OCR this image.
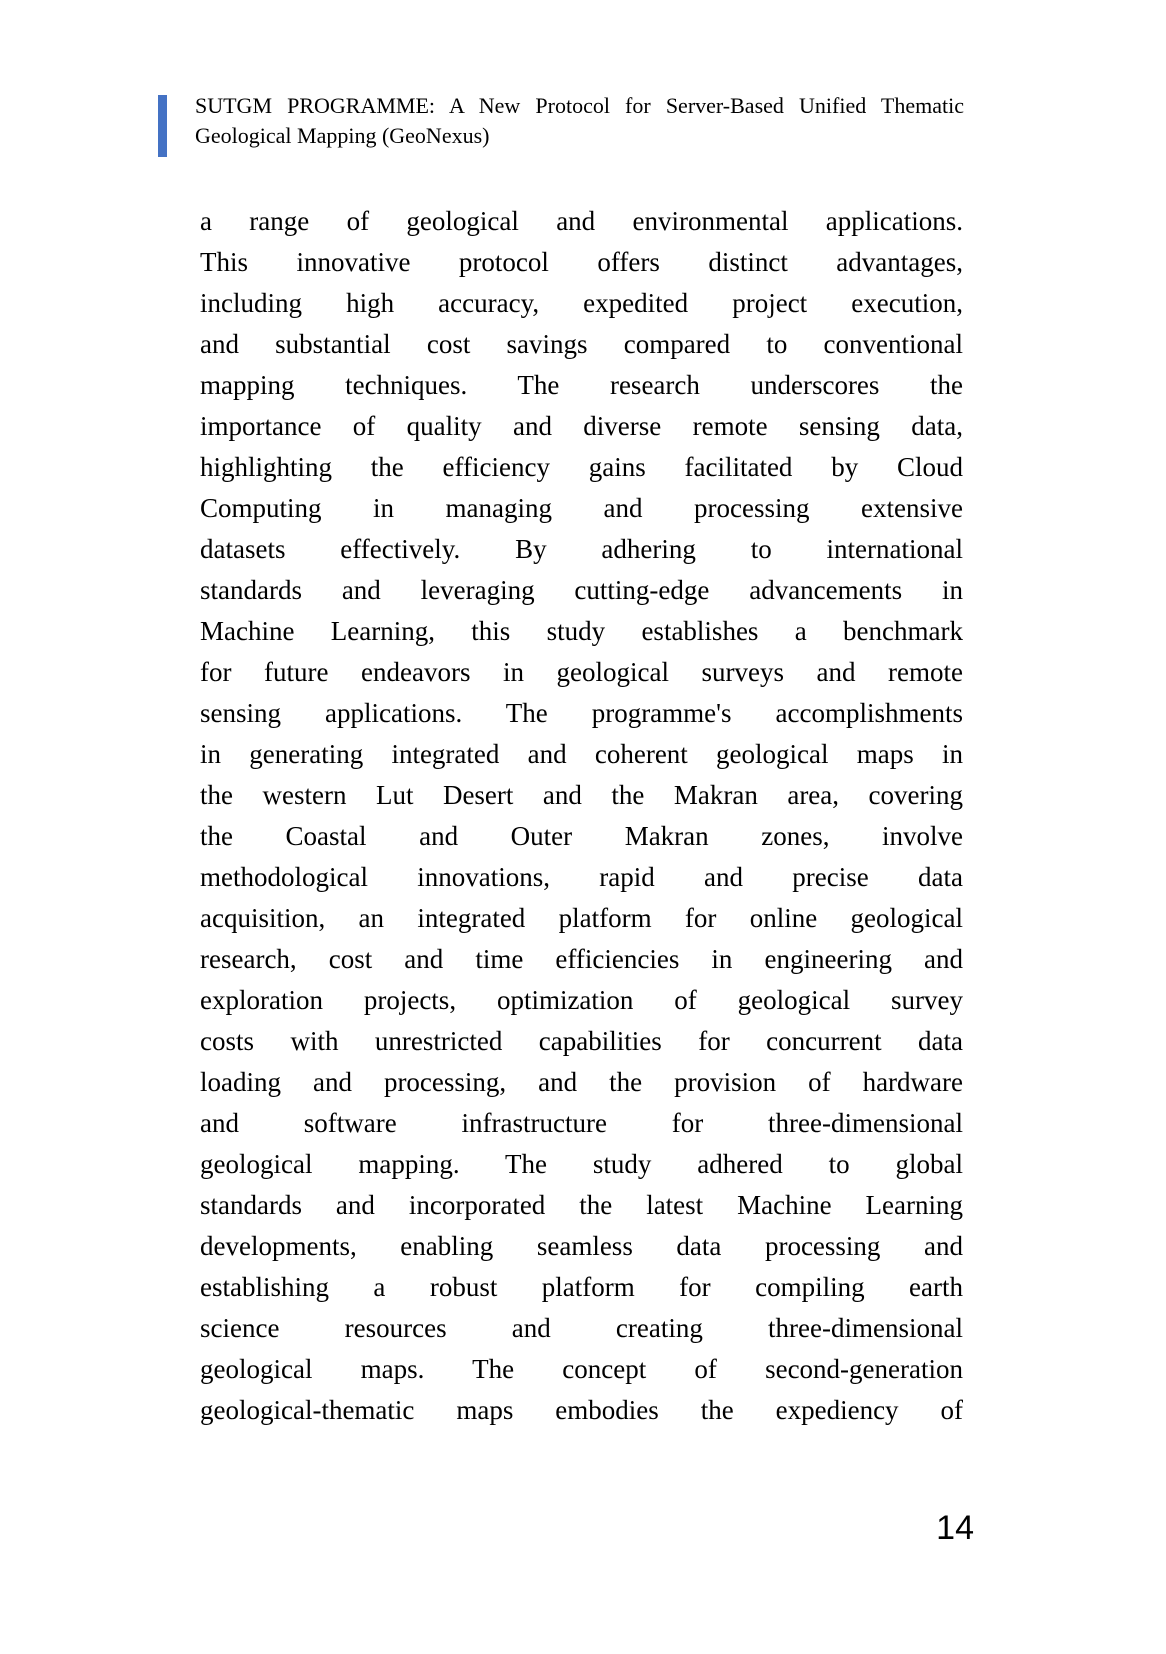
SUTGM PROGRAMME: A New Protocol for Server-Based Unified Thematic
Geological Mapping (GeoNexus)
a range of geological and environmental applications.
This innovative protocol offers distinct advantages,
including high accuracy, expedited project execution,
and substantial cost savings compared to conventional
mapping techniques. The research underscores the
importance of quality and diverse remote sensing data,
highlighting the efficiency gains facilitated by Cloud
Computing in managing and processing extensive
datasets effectively. By adhering to international
standards and leveraging cutting-edge advancements in
Machine Learning, this study establishes a benchmark
for future endeavors in geological surveys and remote
sensing applications. The programme's accomplishments
in generating integrated and coherent geological maps in
the western Lut Desert and the Makran area, covering
the Coastal and Outer Makran zones, involve
methodological innovations, rapid and precise data
acquisition, an integrated platform for online geological
research, cost and time efficiencies in engineering and
exploration projects, optimization of geological survey
costs with unrestricted capabilities for concurrent data
loading and processing, and the provision of hardware
and software infrastructure for three-dimensional
geological mapping. The study adhered to global
standards and incorporated the latest Machine Learning
developments, enabling seamless data processing and
establishing a robust platform for compiling earth
science resources and creating three-dimensional
geological maps. The concept of second-generation
geological-thematic maps embodies the expediency of
14
